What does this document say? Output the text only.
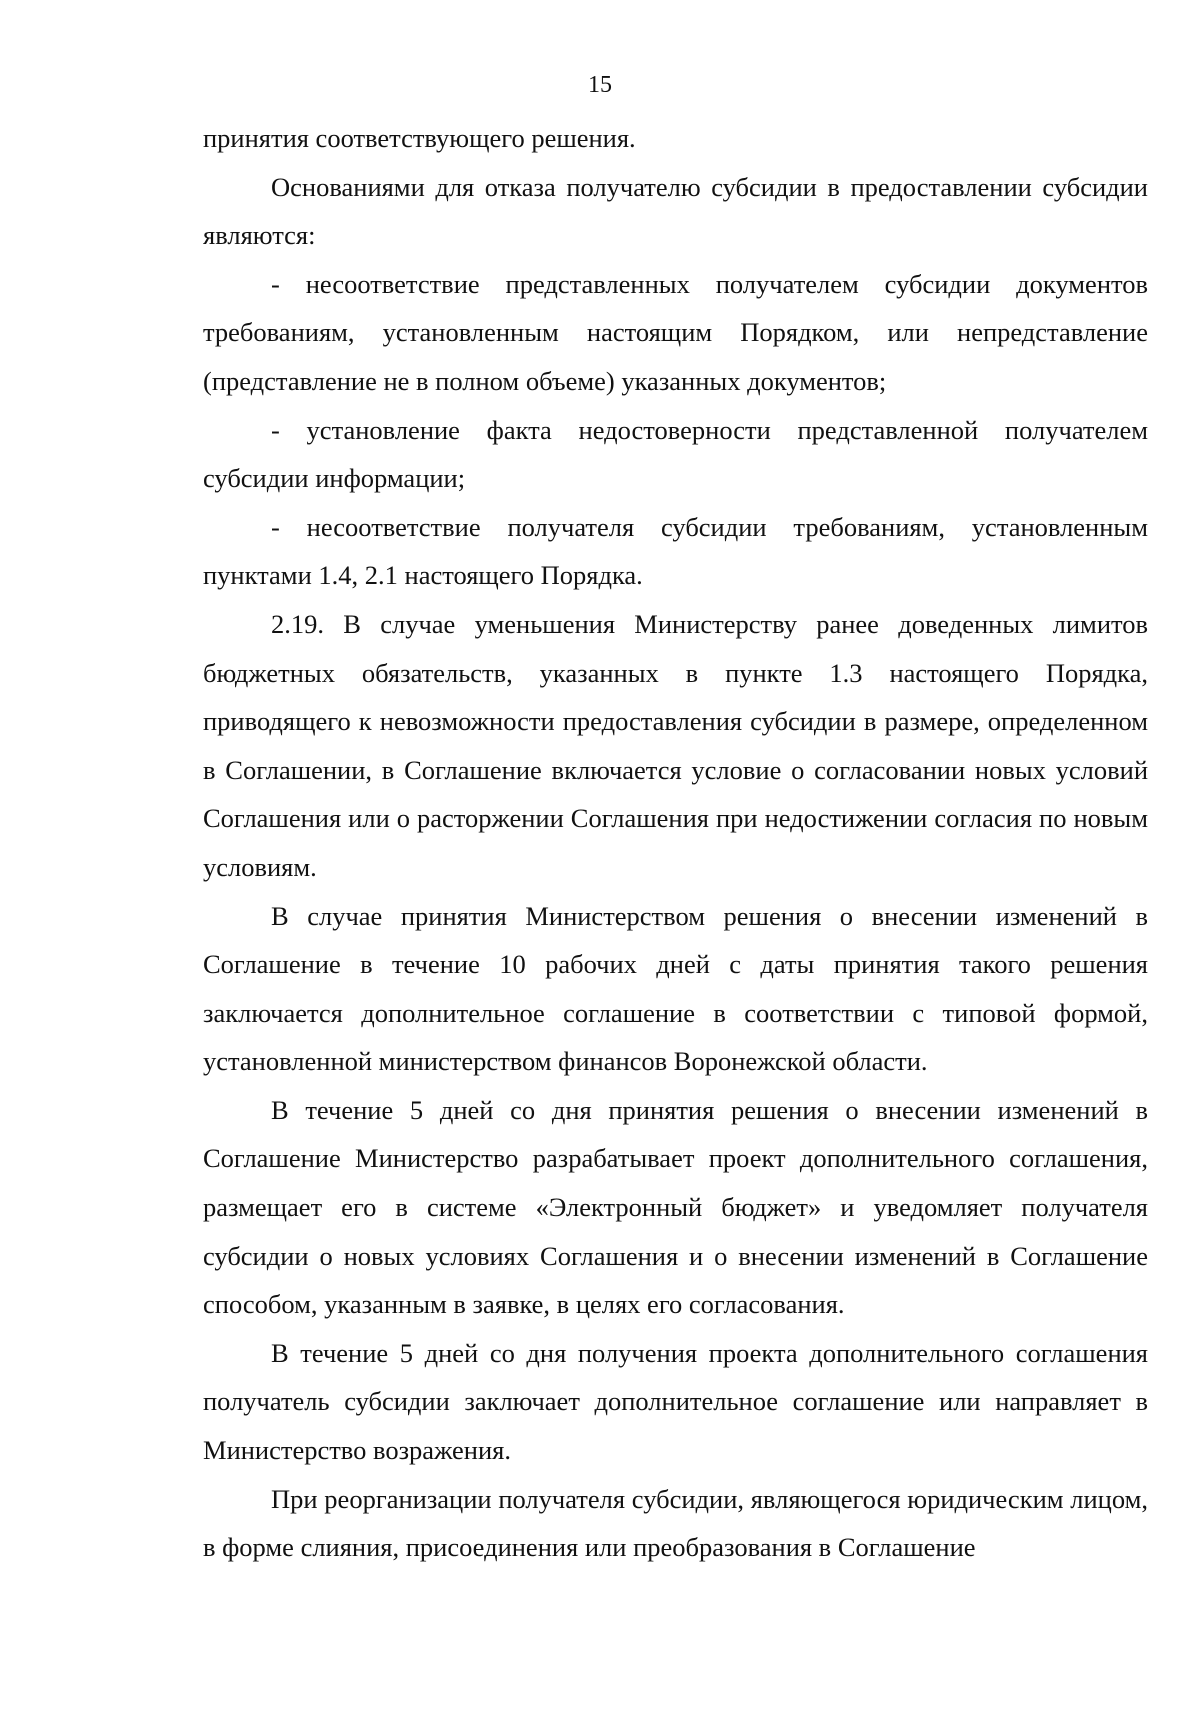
15

принятия соответствующего решения.

Основаниями для отказа получателю субсидии в предоставлении субсидии являются:

- несоответствие представленных получателем субсидии документов требованиям, установленным настоящим Порядком, или непредставление (представление не в полном объеме) указанных документов;

- установление факта недостоверности представленной получателем субсидии информации;

- несоответствие получателя субсидии требованиям, установленным пунктами 1.4, 2.1 настоящего Порядка.

2.19. В случае уменьшения Министерству ранее доведенных лимитов бюджетных обязательств, указанных в пункте 1.3 настоящего Порядка, приводящего к невозможности предоставления субсидии в размере, определенном в Соглашении, в Соглашение включается условие о согласовании новых условий Соглашения или о расторжении Соглашения при недостижении согласия по новым условиям.

В случае принятия Министерством решения о внесении изменений в Соглашение в течение 10 рабочих дней с даты принятия такого решения заключается дополнительное соглашение в соответствии с типовой формой, установленной министерством финансов Воронежской области.

В течение 5 дней со дня принятия решения о внесении изменений в Соглашение Министерство разрабатывает проект дополнительного соглашения, размещает его в системе «Электронный бюджет» и уведомляет получателя субсидии о новых условиях Соглашения и о внесении изменений в Соглашение способом, указанным в заявке, в целях его согласования.

В течение 5 дней со дня получения проекта дополнительного соглашения получатель субсидии заключает дополнительное соглашение или направляет в Министерство возражения.

При реорганизации получателя субсидии, являющегося юридическим лицом, в форме слияния, присоединения или преобразования в Соглашение
